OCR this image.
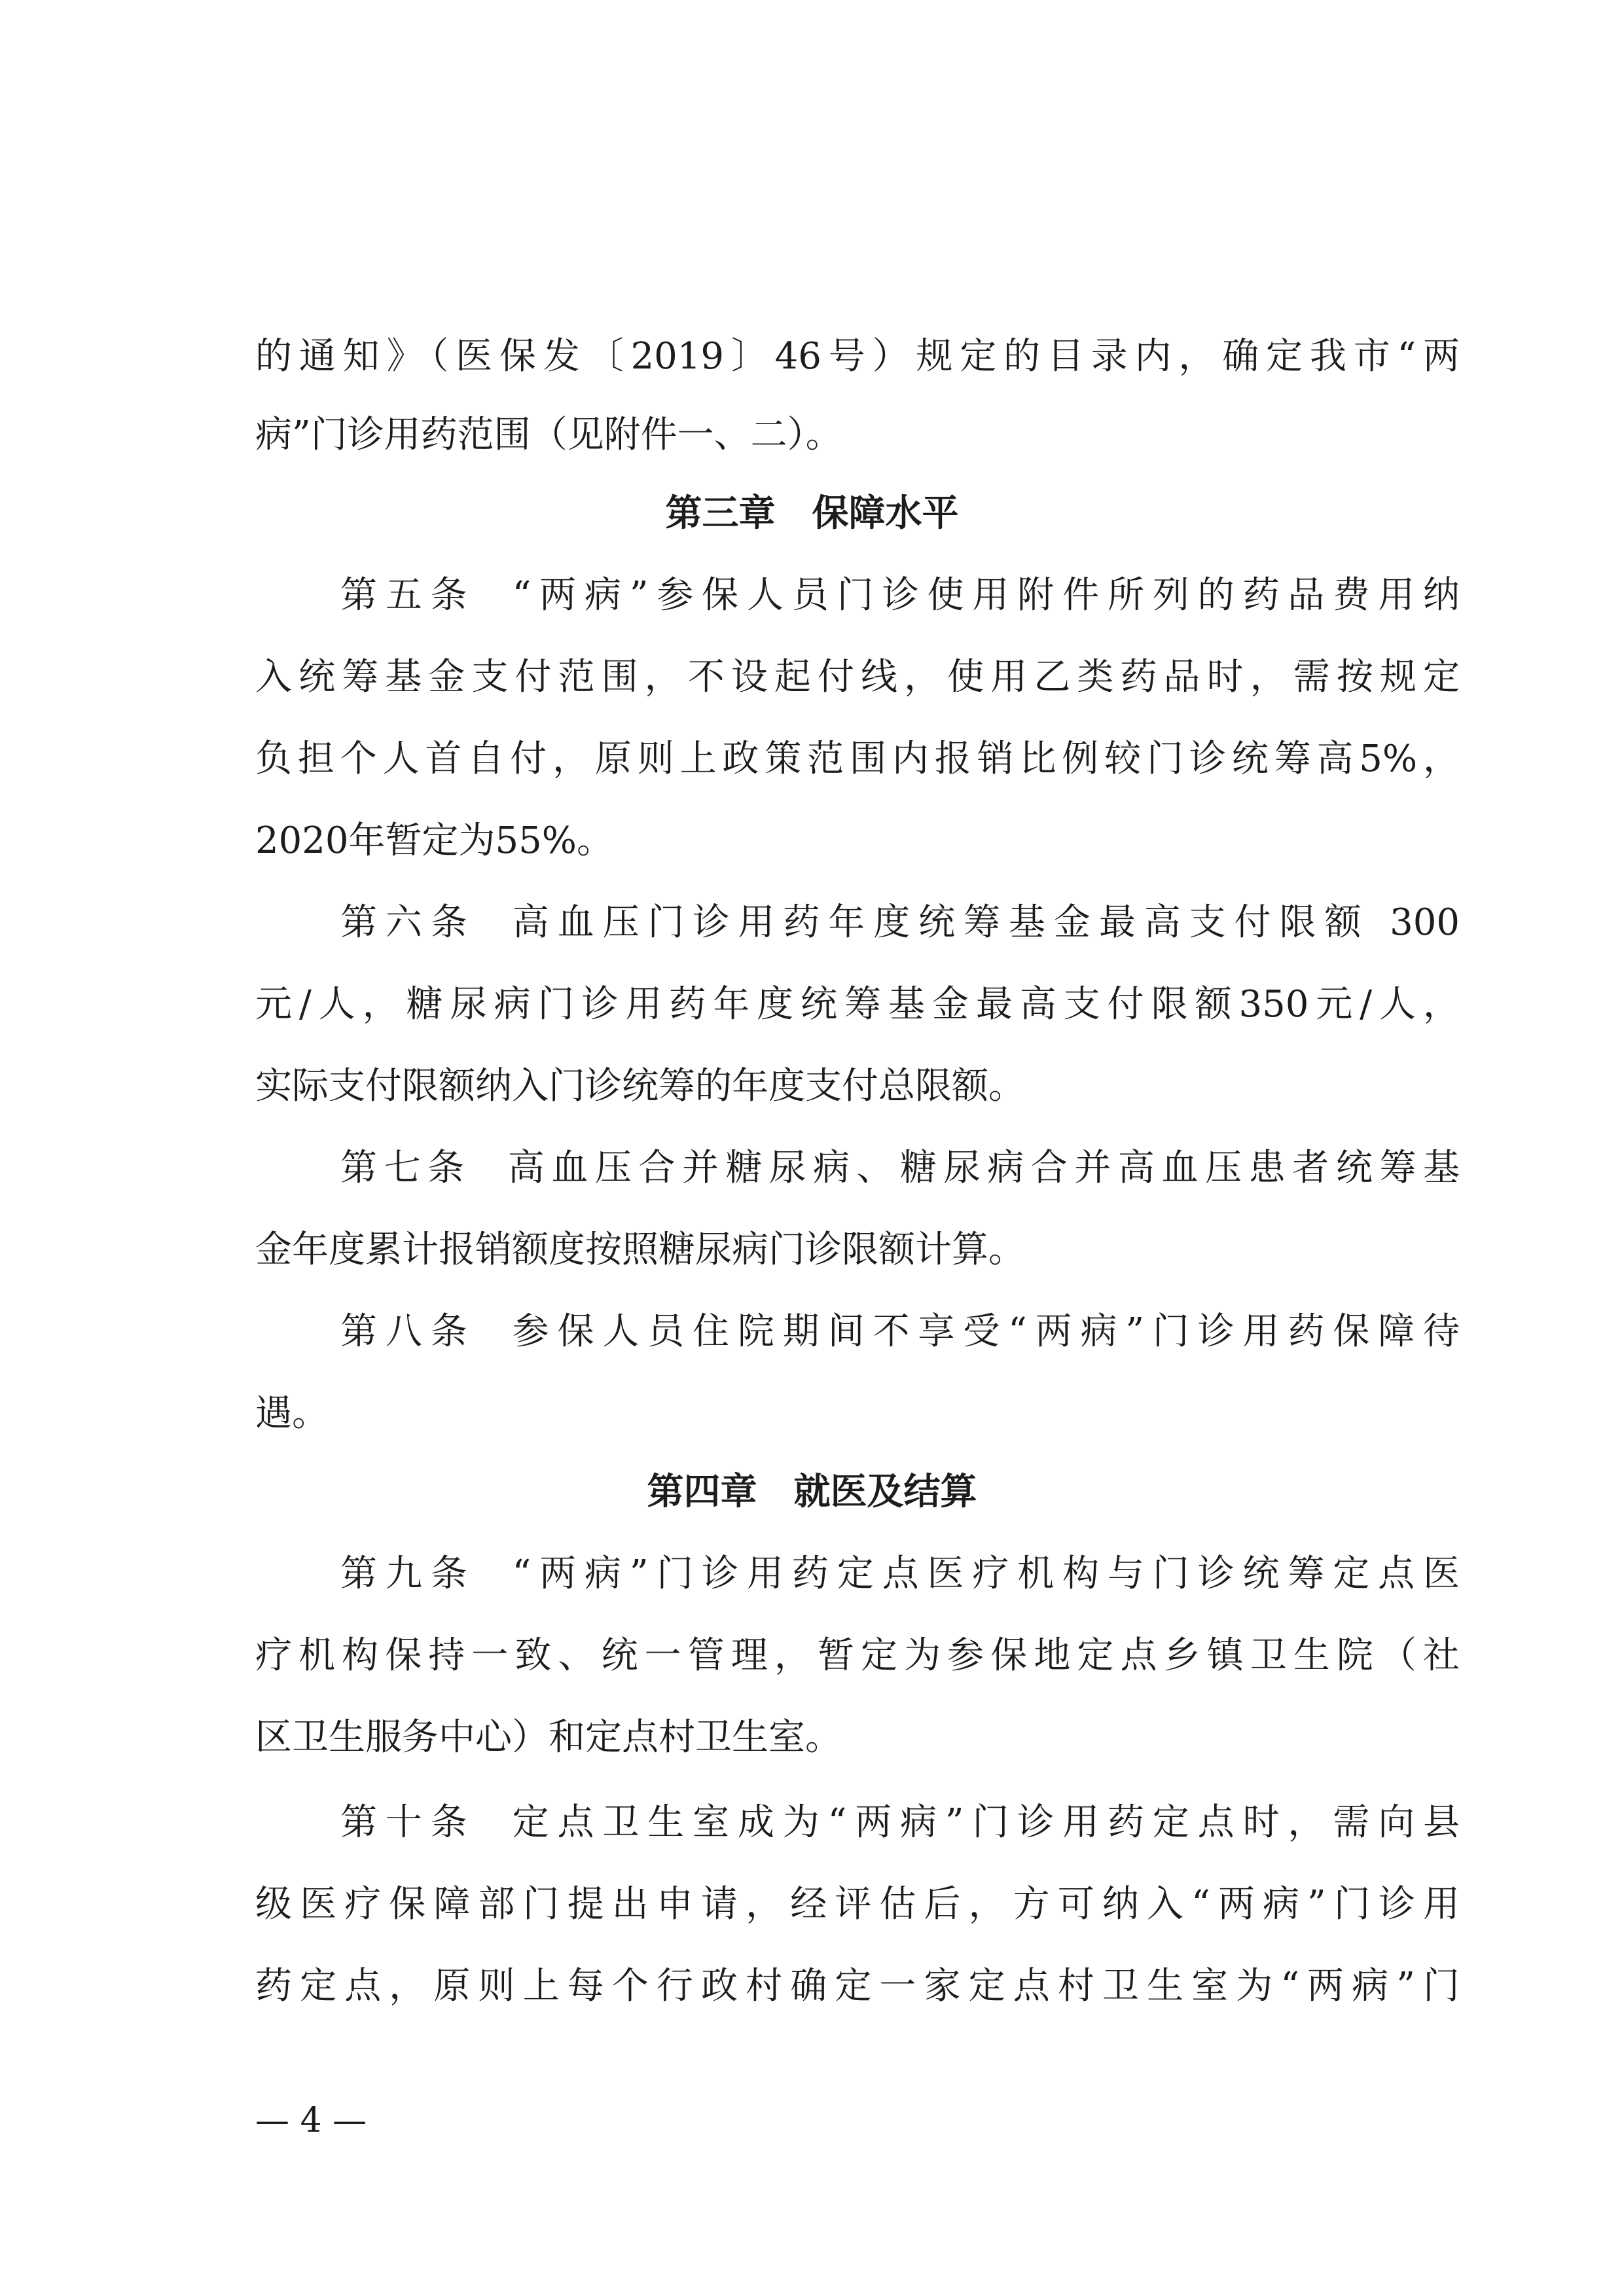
的通知》（医保发〔2019〕46号）规定的目录内，确定我市“两
病”门诊用药范围（见附件一、二）。
第三章　保障水平
第五条 “两病”参保人员门诊使用附件所列的药品费用纳
入统筹基金支付范围，不设起付线，使用乙类药品时，需按规定
负担个人首自付，原则上政策范围内报销比例较门诊统筹高5%，
2020年暂定为55%。
第六条 高血压门诊用药年度统筹基金最高支付限额 300
元/人，糖尿病门诊用药年度统筹基金最高支付限额350元/人，
实际支付限额纳入门诊统筹的年度支付总限额。
第七条 高血压合并糖尿病、糖尿病合并高血压患者统筹基
金年度累计报销额度按照糖尿病门诊限额计算。
第八条 参保人员住院期间不享受“两病”门诊用药保障待
遇。
第四章　就医及结算
第九条 “两病”门诊用药定点医疗机构与门诊统筹定点医
疗机构保持一致、统一管理，暂定为参保地定点乡镇卫生院（社
区卫生服务中心）和定点村卫生室。
第十条 定点卫生室成为“两病”门诊用药定点时，需向县
级医疗保障部门提出申请，经评估后，方可纳入“两病”门诊用
药定点，原则上每个行政村确定一家定点村卫生室为“两病”门
— 4 —
